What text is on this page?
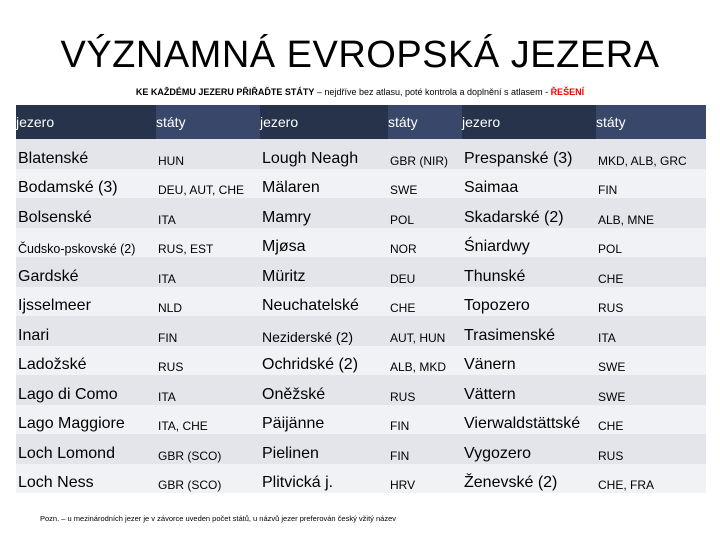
VÝZNAMNÁ EVROPSKÁ JEZERA
KE KAŽDÉMU JEZERU PŘIŘAĎTE STÁTY – nejdříve bez atlasu, poté kontrola a doplnění s atlasem - ŘEŠENÍ
jezero	státy	jezero	státy	jezero	státy
Blatenské	HUN	Lough Neagh	GBR (NIR)	Prespanské (3)	MKD, ALB, GRC
Bodamské (3)	DEU, AUT, CHE	Mälaren	SWE	Saimaa	FIN
Bolsenské	ITA	Mamry	POL	Skadarské (2)	ALB, MNE
Čudsko-pskovské (2)	RUS, EST	Mjøsa	NOR	Śniardwy	POL
Gardské	ITA	Müritz	DEU	Thunské	CHE
Ijsselmeer	NLD	Neuchatelské	CHE	Topozero	RUS
Inari	FIN	Neziderské (2)	AUT, HUN	Trasimenské	ITA
Ladožské	RUS	Ochridské (2)	ALB, MKD	Vänern	SWE
Lago di Como	ITA	Oněžské	RUS	Vättern	SWE
Lago Maggiore	ITA, CHE	Päijänne	FIN	Vierwaldstättské	CHE
Loch Lomond	GBR (SCO)	Pielinen	FIN	Vygozero	RUS
Loch Ness	GBR (SCO)	Plitvická j.	HRV	Ženevské (2)	CHE, FRA
Pozn. – u mezinárodních jezer je v závorce uveden počet států, u názvů jezer preferován český vžitý název
